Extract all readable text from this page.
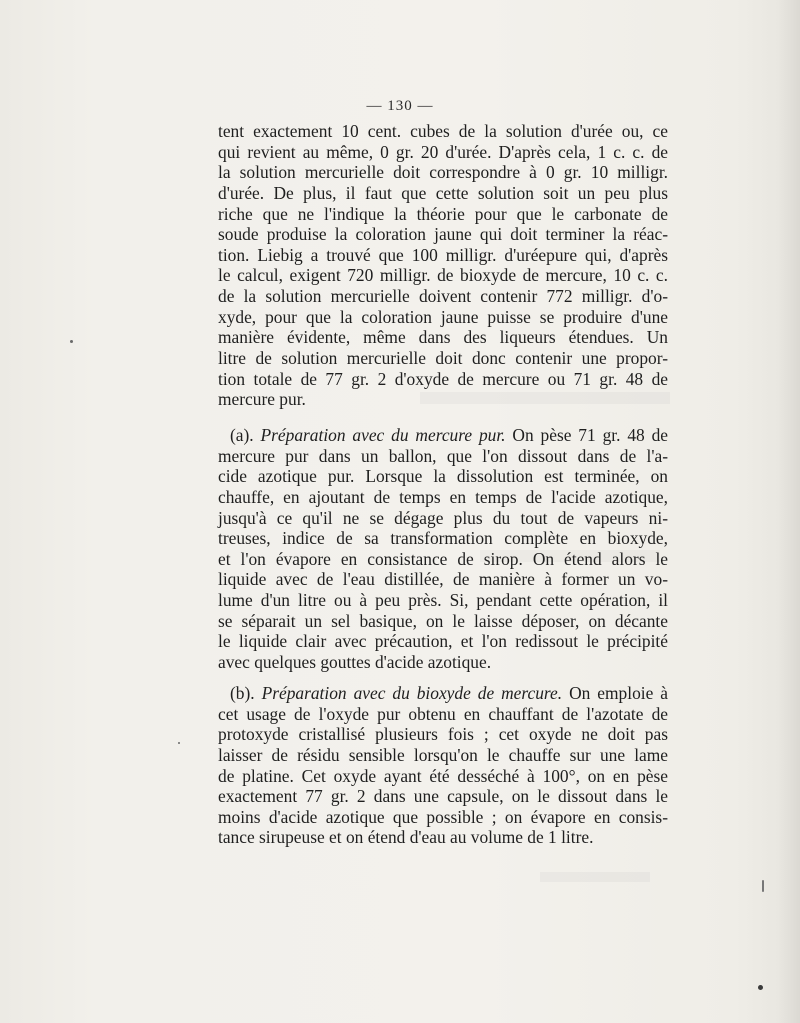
— 130 —
tent exactement 10 cent. cubes de la solution d'urée ou, ce
qui revient au même, 0 gr. 20 d'urée. D'après cela, 1 c. c. de
la solution mercurielle doit correspondre à 0 gr. 10 milligr.
d'urée. De plus, il faut que cette solution soit un peu plus
riche que ne l'indique la théorie pour que le carbonate de
soude produise la coloration jaune qui doit terminer la réac-
tion. Liebig a trouvé que 100 milligr. d'uréepure qui, d'après
le calcul, exigent 720 milligr. de bioxyde de mercure, 10 c. c.
de la solution mercurielle doivent contenir 772 milligr. d'o-
xyde, pour que la coloration jaune puisse se produire d'une
manière évidente, même dans des liqueurs étendues. Un
litre de solution mercurielle doit donc contenir une propor-
tion totale de 77 gr. 2 d'oxyde de mercure ou 71 gr. 48 de
mercure pur.
(a). Préparation avec du mercure pur. On pèse 71 gr. 48 de
mercure pur dans un ballon, que l'on dissout dans de l'a-
cide azotique pur. Lorsque la dissolution est terminée, on
chauffe, en ajoutant de temps en temps de l'acide azotique,
jusqu'à ce qu'il ne se dégage plus du tout de vapeurs ni-
treuses, indice de sa transformation complète en bioxyde,
et l'on évapore en consistance de sirop. On étend alors le
liquide avec de l'eau distillée, de manière à former un vo-
lume d'un litre ou à peu près. Si, pendant cette opération, il
se séparait un sel basique, on le laisse déposer, on décante
le liquide clair avec précaution, et l'on redissout le précipité
avec quelques gouttes d'acide azotique.
(b). Préparation avec du bioxyde de mercure. On emploie à
cet usage de l'oxyde pur obtenu en chauffant de l'azotate de
protoxyde cristallisé plusieurs fois ; cet oxyde ne doit pas
laisser de résidu sensible lorsqu'on le chauffe sur une lame
de platine. Cet oxyde ayant été desséché à 100°, on en pèse
exactement 77 gr. 2 dans une capsule, on le dissout dans le
moins d'acide azotique que possible ; on évapore en consis-
tance sirupeuse et on étend d'eau au volume de 1 litre.
